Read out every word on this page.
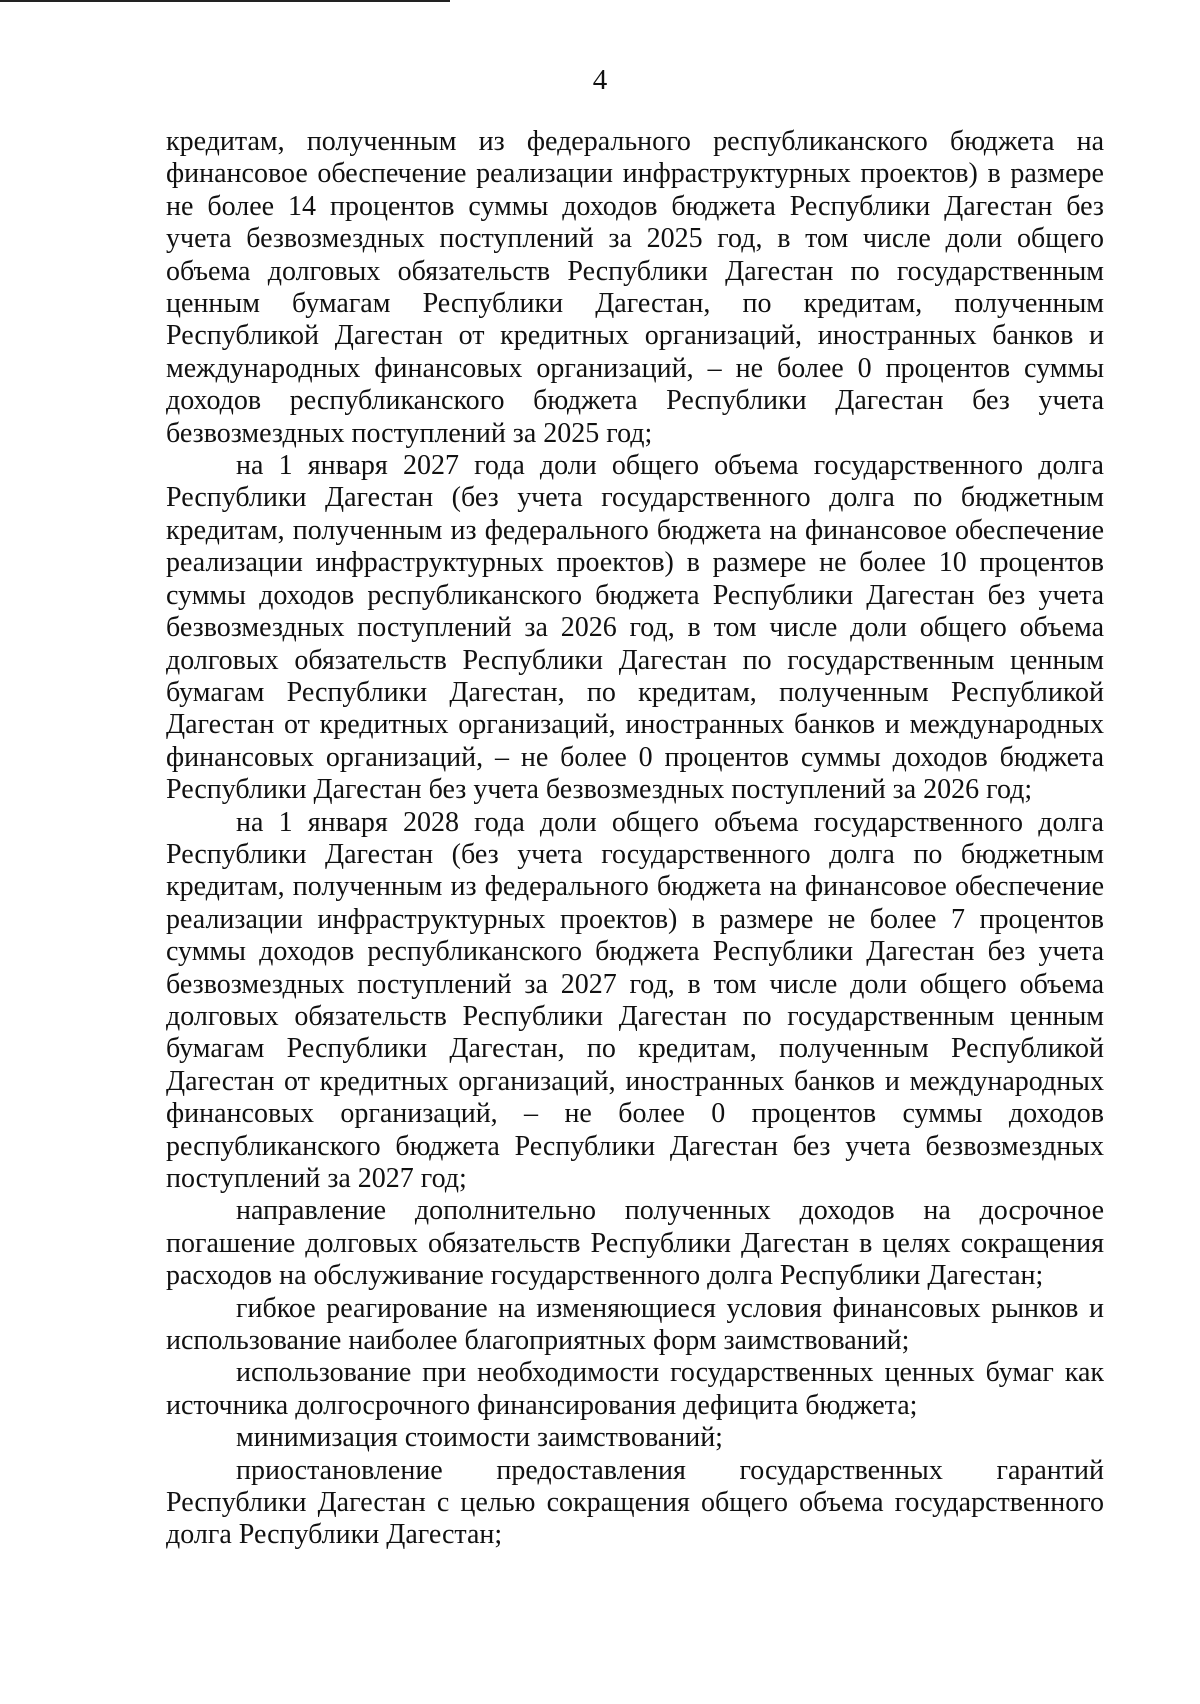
4

кредитам, полученным из федерального республиканского бюджета на финансовое обеспечение реализации инфраструктурных проектов) в размере не более 14 процентов суммы доходов бюджета Республики Дагестан без учета безвозмездных поступлений за 2025 год, в том числе доли общего объема долговых обязательств Республики Дагестан по государственным ценным бумагам Республики Дагестан, по кредитам, полученным Республикой Дагестан от кредитных организаций, иностранных банков и международных финансовых организаций, – не более 0 процентов суммы доходов республиканского бюджета Республики Дагестан без учета безвозмездных поступлений за 2025 год;

на 1 января 2027 года доли общего объема государственного долга Республики Дагестан (без учета государственного долга по бюджетным кредитам, полученным из федерального бюджета на финансовое обеспечение реализации инфраструктурных проектов) в размере не более 10 процентов суммы доходов республиканского бюджета Республики Дагестан без учета безвозмездных поступлений за 2026 год, в том числе доли общего объема долговых обязательств Республики Дагестан по государственным ценным бумагам Республики Дагестан, по кредитам, полученным Республикой Дагестан от кредитных организаций, иностранных банков и международных финансовых организаций, – не более 0 процентов суммы доходов бюджета Республики Дагестан без учета безвозмездных поступлений за 2026 год;

на 1 января 2028 года доли общего объема государственного долга Республики Дагестан (без учета государственного долга по бюджетным кредитам, полученным из федерального бюджета на финансовое обеспечение реализации инфраструктурных проектов) в размере не более 7 процентов суммы доходов республиканского бюджета Республики Дагестан без учета безвозмездных поступлений за 2027 год, в том числе доли общего объема долговых обязательств Республики Дагестан по государственным ценным бумагам Республики Дагестан, по кредитам, полученным Республикой Дагестан от кредитных организаций, иностранных банков и международных финансовых организаций, – не более 0 процентов суммы доходов республиканского бюджета Республики Дагестан без учета безвозмездных поступлений за 2027 год;

направление дополнительно полученных доходов на досрочное погашение долговых обязательств Республики Дагестан в целях сокращения расходов на обслуживание государственного долга Республики Дагестан;

гибкое реагирование на изменяющиеся условия финансовых рынков и использование наиболее благоприятных форм заимствований;

использование при необходимости государственных ценных бумаг как источника долгосрочного финансирования дефицита бюджета;

минимизация стоимости заимствований;

приостановление предоставления государственных гарантий Республики Дагестан с целью сокращения общего объема государственного долга Республики Дагестан;
